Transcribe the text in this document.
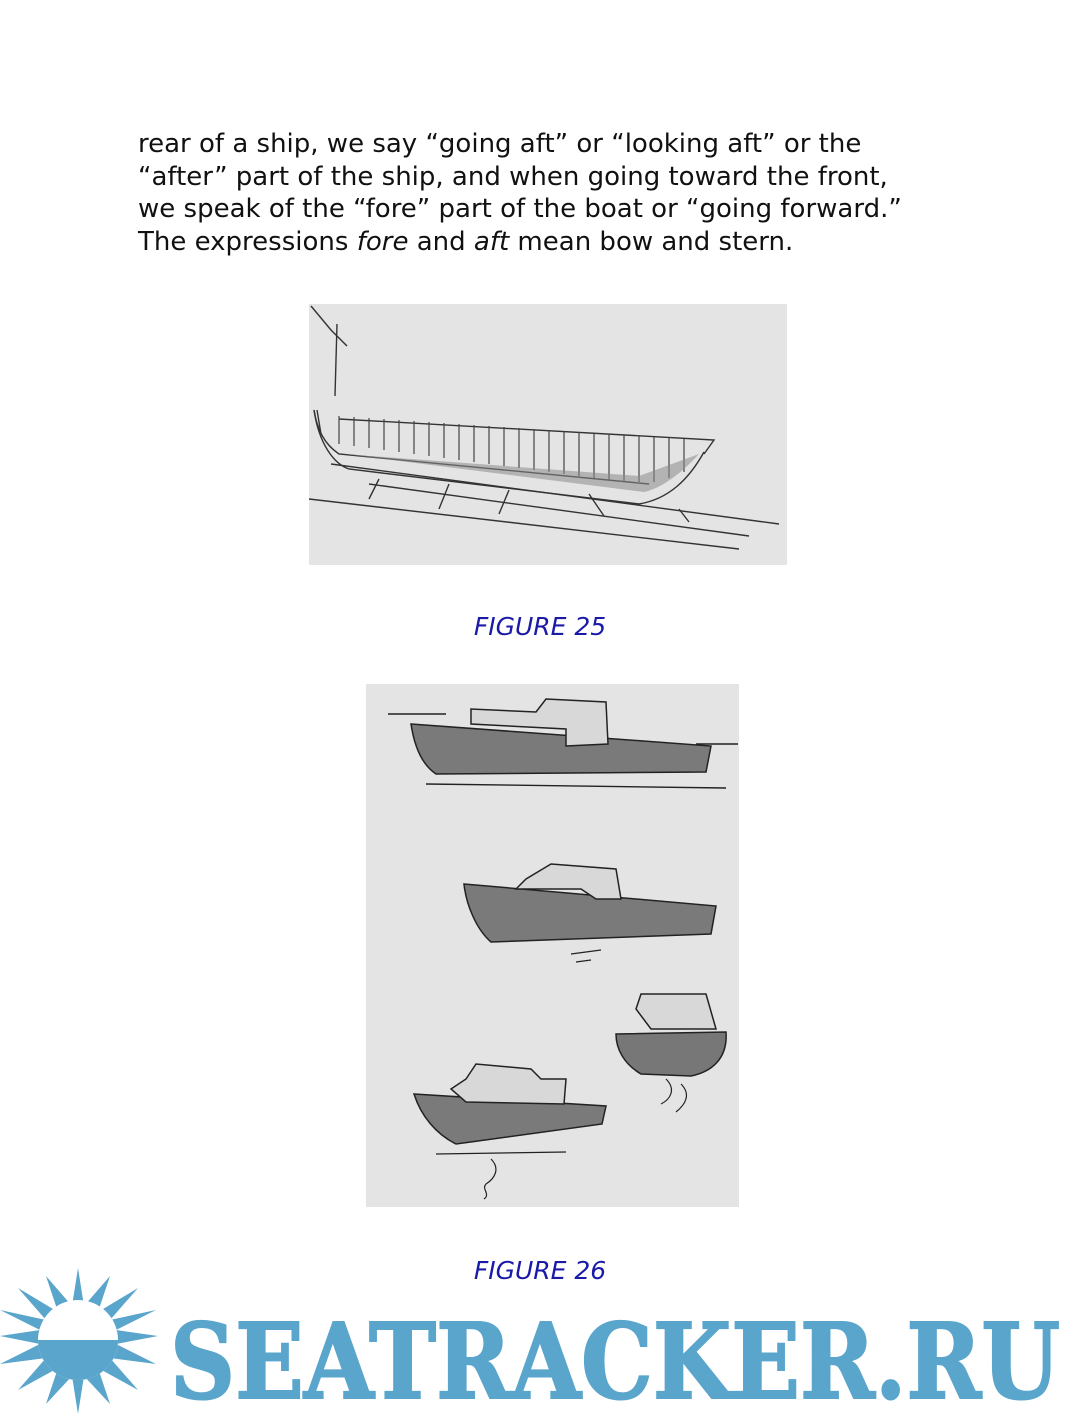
rear of a ship, we say “going aft” or “looking aft” or the
“after” part of the ship, and when going toward the front,
we speak of the “fore” part of the boat or “going forward.”
The expressions fore and aft mean bow and stern.

FIGURE 25

FIGURE 26

SEATRACKER.RU
